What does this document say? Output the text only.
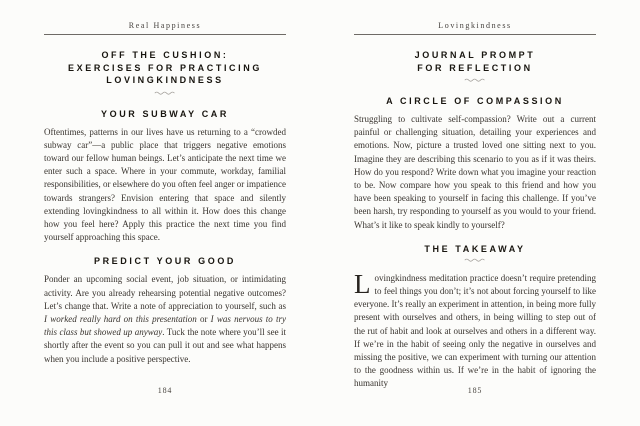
Real Happiness
OFF THE CUSHION:
EXERCISES FOR PRACTICING
LOVINGKINDNESS
YOUR SUBWAY CAR

Oftentimes, patterns in our lives have us returning to a “crowded subway car”—a public place that triggers negative emotions toward our fellow human beings. Let’s anticipate the next time we enter such a space. Where in your commute, workday, familial responsibilities, or elsewhere do you often feel anger or impatience towards strangers? Envision entering that space and silently extending lovingkindness to all within it. How does this change how you feel here? Apply this practice the next time you find yourself approaching this space.

PREDICT YOUR GOOD

Ponder an upcoming social event, job situation, or intimidating activity. Are you already rehearsing potential negative outcomes? Let’s change that. Write a note of appreciation to yourself, such as I worked really hard on this presentation or I was nervous to try this class but showed up anyway. Tuck the note where you’ll see it shortly after the event so you can pull it out and see what happens when you include a positive perspective.

184
Lovingkindness
JOURNAL PROMPT
FOR REFLECTION
A CIRCLE OF COMPASSION

Struggling to cultivate self-compassion? Write out a current painful or challenging situation, detailing your experiences and emotions. Now, picture a trusted loved one sitting next to you. Imagine they are describing this scenario to you as if it was theirs. How do you respond? Write down what you imagine your reaction to be. Now compare how you speak to this friend and how you have been speaking to yourself in facing this challenge. If you’ve been harsh, try responding to yourself as you would to your friend. What’s it like to speak kindly to yourself?

THE TAKEAWAY

Lovingkindness meditation practice doesn’t require pretending to feel things you don’t; it’s not about forcing yourself to like everyone. It’s really an experiment in attention, in being more fully present with ourselves and others, in being willing to step out of the rut of habit and look at ourselves and others in a different way. If we’re in the habit of seeing only the negative in ourselves and missing the positive, we can experiment with turning our attention to the goodness within us. If we’re in the habit of ignoring the humanity

185
